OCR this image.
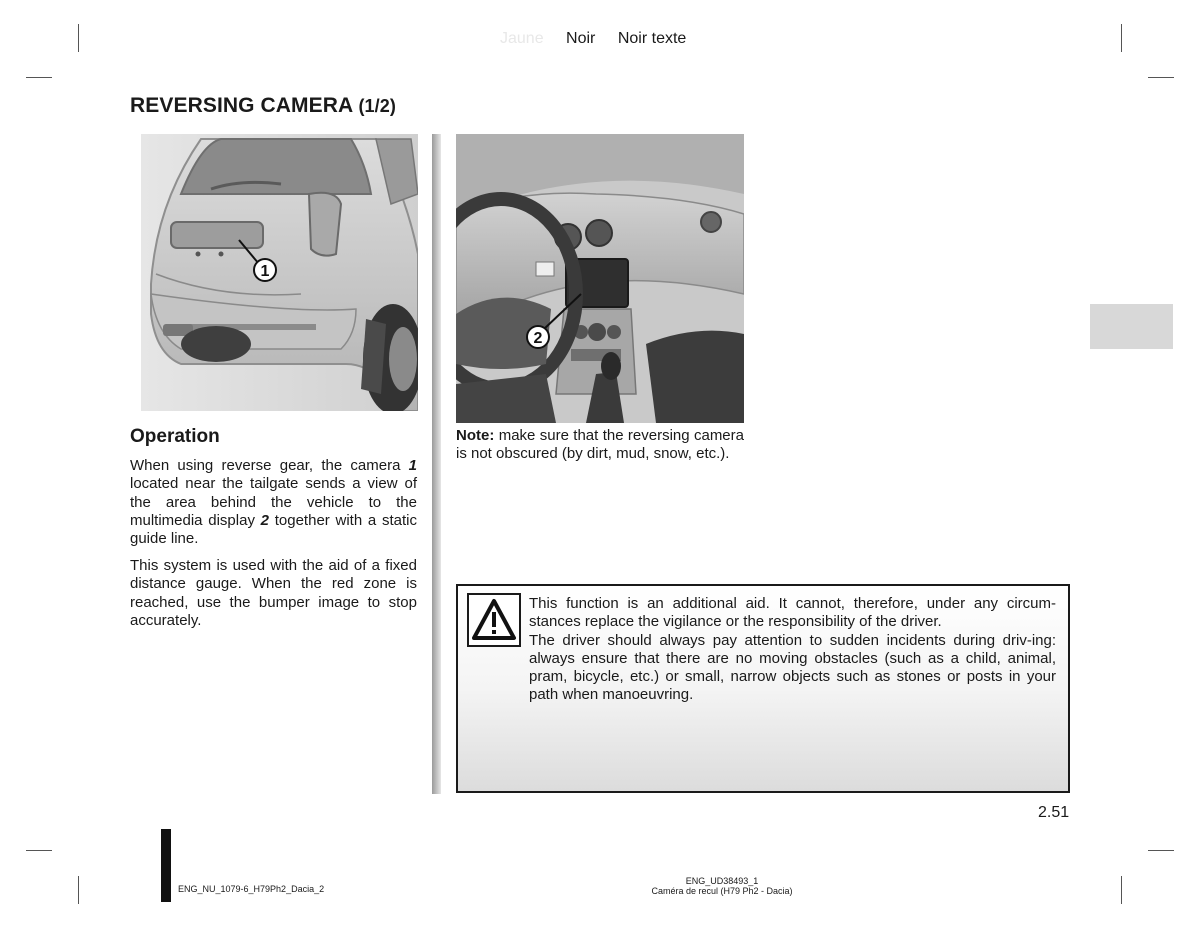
Jaune Noir Noir texte
REVERSING CAMERA (1/2)
1
2
Operation
When using reverse gear, the camera 1 located near the tailgate sends a view of the area behind the vehicle to the multimedia display 2 together with a static guide line.
This system is used with the aid of a fixed distance gauge. When the red zone is reached, use the bumper image to stop accurately.
Note: make sure that the reversing camera is not obscured (by dirt, mud, snow, etc.).
This function is an additional aid. It cannot, therefore, under any circum-stances replace the vigilance or the responsibility of the driver.
The driver should always pay attention to sudden incidents during driv-ing: always ensure that there are no moving obstacles (such as a child, animal, pram, bicycle, etc.) or small, narrow objects such as stones or posts in your path when manoeuvring.
2.51
ENG_NU_1079-6_H79Ph2_Dacia_2
ENG_UD38493_1
Caméra de recul (H79 Ph2 - Dacia)
